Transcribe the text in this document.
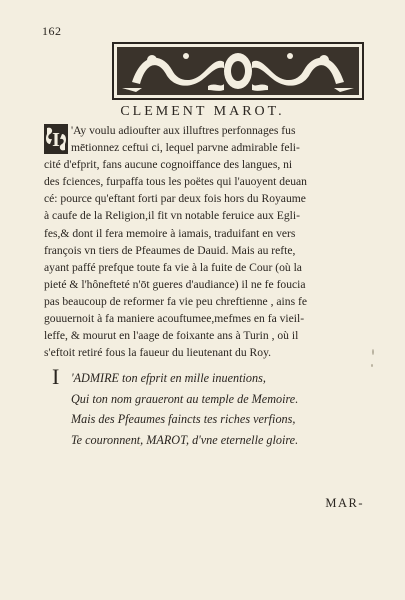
162
CLEMENT MAROT.
I 'Ay voulu adioufter aux illuftres perfonnages fus
mētionnez ceftui ci, lequel parvne admirable feli-
cité d'efprit, fans aucune cognoiffance des langues, ni
des fciences, furpaffa tous les poëtes qui l'auoyent deuan
cé: pource qu'eftant forti par deux fois hors du Royaume
à caufe de la Religion,il fit vn notable feruice aux Egli-
fes,& dont il fera memoire à iamais, traduifant en vers
françois vn tiers de Pfeaumes de Dauid. Mais au refte,
ayant paffé prefque toute fa vie à la fuite de Cour (où la
pieté & l'hônefteté n'ōt gueres d'audiance) il ne fe foucia
pas beaucoup de reformer fa vie peu chreftienne , ains fe
gouuernoit à fa maniere acouftumee,mefmes en fa vieil-
leffe, & mourut en l'aage de foixante ans à Turin , où il
s'eftoit retiré fous la faueur du lieutenant du Roy.
I 'ADMIRE ton efprit en mille inuentions,
Qui ton nom graueront au temple de Memoire.
Mais des Pfeaumes faincts tes riches verfions,
Te couronnent, MAROT, d'vne eternelle gloire.
MAR-
